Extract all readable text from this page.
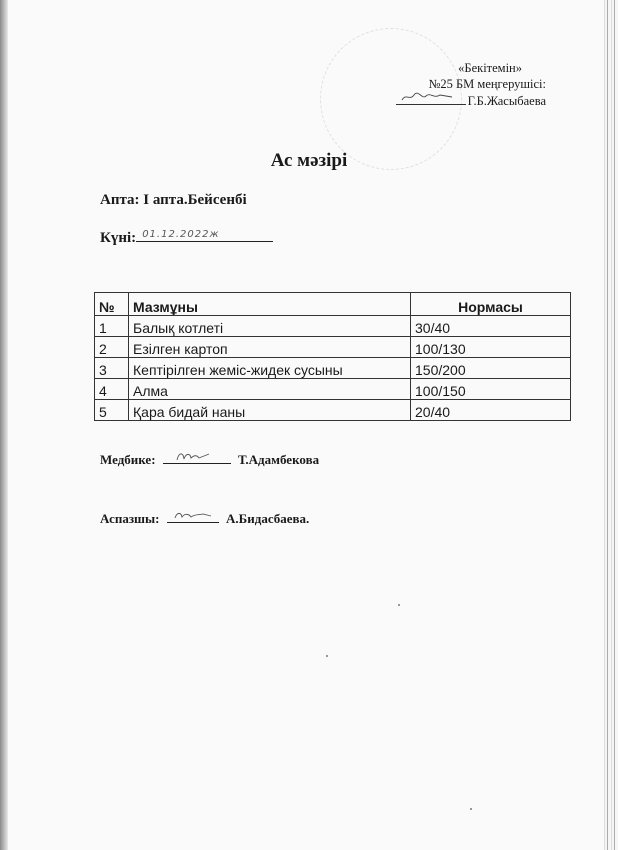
«Бекітемін»
№25 БМ меңгерушісі:
Г.Б.Жасыбаева
Ас мәзірі
Апта: І апта.Бейсенбі
Күні: 01.12.2022ж
№	Мазмұны	Нормасы
1	Балық котлеті	30/40
2	Езілген картоп	100/130
3	Кептірілген жеміс-жидек сусыны	150/200
4	Алма	100/150
5	Қара бидай наны	20/40
Медбике:	Т.Адамбекова
Аспазшы:	А.Бидасбаева.
